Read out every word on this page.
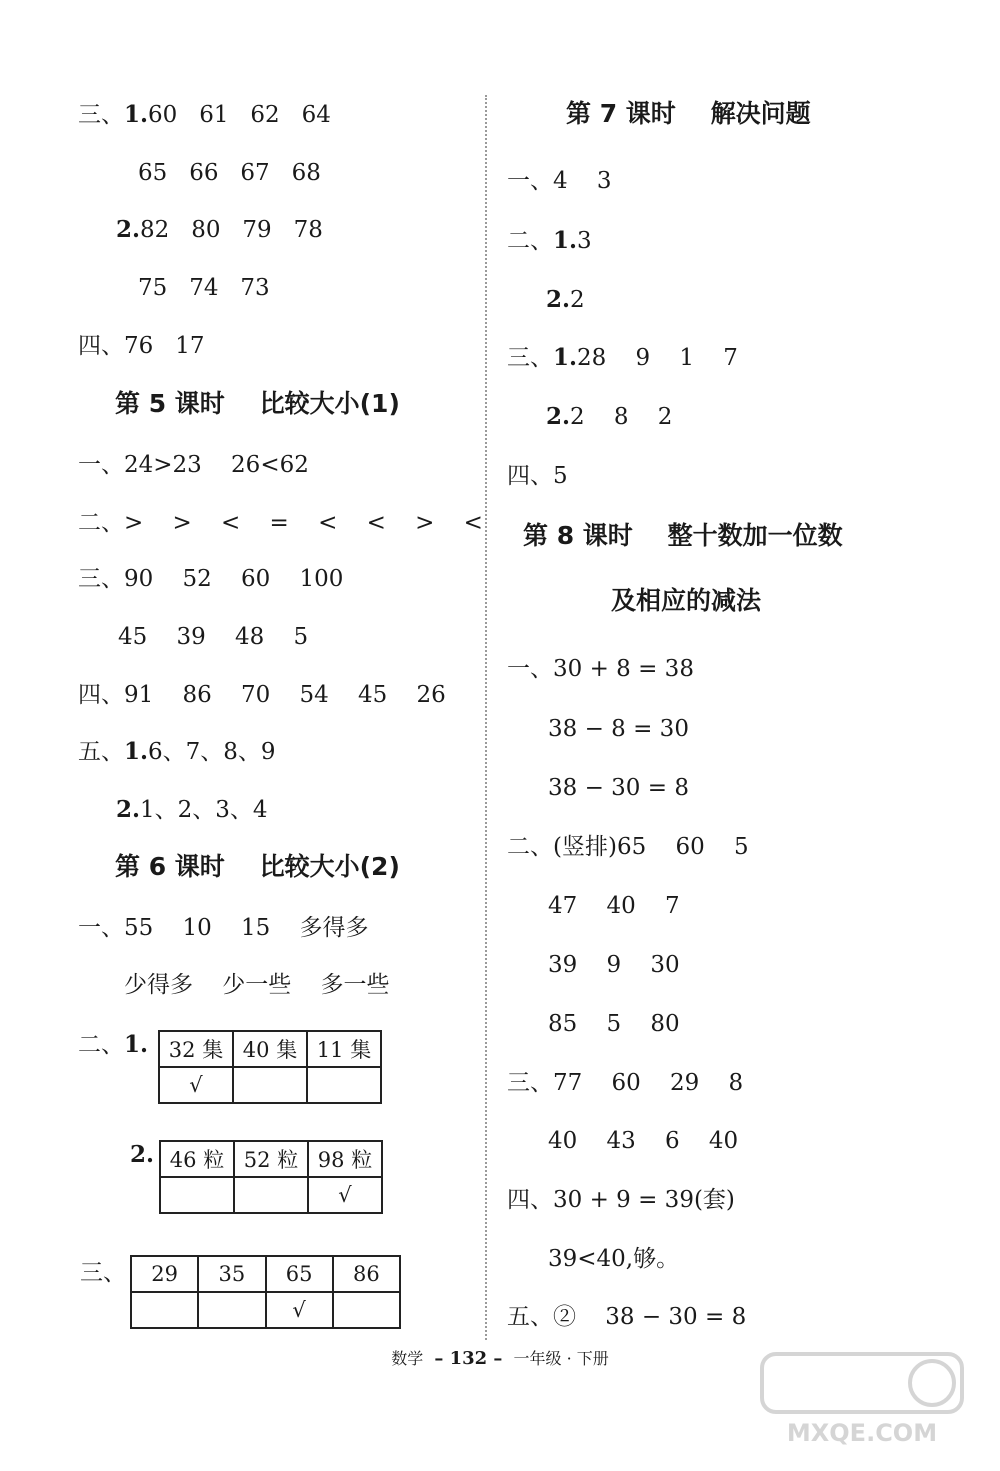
三、1.60   61   62   64
65   66   67   68
2.82   80   79   78
75   74   73
四、76   17
第 5 课时    比较大小(1)
一、24>23    26<62
二、>    >    <    =    <    <    >    <
三、90    52    60    100
45    39    48    5
四、91    86    70    54    45    26
五、1.6、7、8、9
2.1、2、3、4
第 6 课时    比较大小(2)
一、55    10    15    多得多
少得多    少一些    多一些
二、1. 32 集	40 集	11 集
√		
2. 46 粒	52 粒	98 粒
		√
三、 29	35	65	86
		√	
第 7 课时    解决问题
一、4    3
二、1.3
2.2
三、1.28    9    1    7
2.2    8    2
四、5
第 8 课时    整十数加一位数
及相应的减法
一、30 + 8 = 38
38 − 8 = 30
38 − 30 = 8
二、(竖排)65    60    5
47    40    7
39    9    30
85    5    80
三、77    60    29    8
40    43    6    40
四、30 + 9 = 39(套)
39<40,够。
五、②    38 − 30 = 8
数学 – 132 – 一年级 · 下册
MXQE.COM
